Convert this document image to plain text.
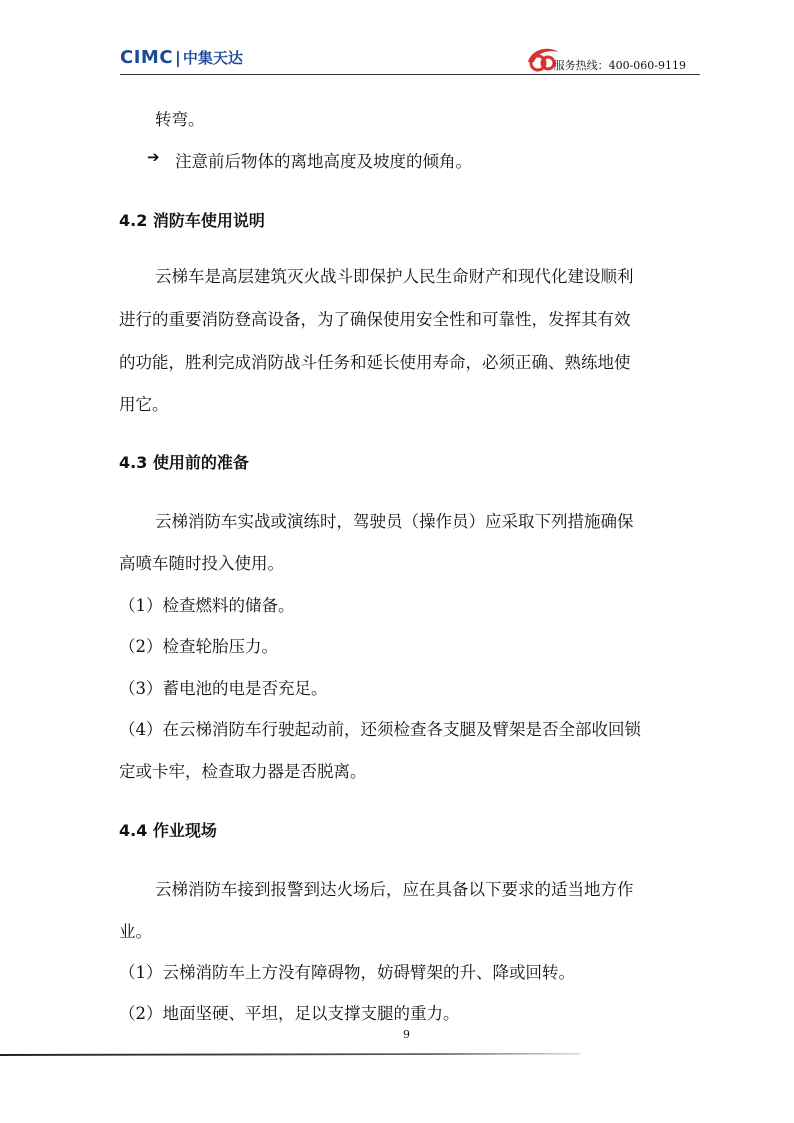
CIMC | 中集天达	服务热线：400-060-9119
转弯。
➔ 注意前后物体的离地高度及坡度的倾角。
4.2 消防车使用说明
云梯车是高层建筑灭火战斗即保护人民生命财产和现代化建设顺利
进行的重要消防登高设备，为了确保使用安全性和可靠性，发挥其有效
的功能，胜利完成消防战斗任务和延长使用寿命，必须正确、熟练地使
用它。
4.3 使用前的准备
云梯消防车实战或演练时，驾驶员（操作员）应采取下列措施确保
高喷车随时投入使用。
（1）检查燃料的储备。
（2）检查轮胎压力。
（3）蓄电池的电是否充足。
（4）在云梯消防车行驶起动前，还须检查各支腿及臂架是否全部收回锁
定或卡牢，检查取力器是否脱离。
4.4 作业现场
云梯消防车接到报警到达火场后，应在具备以下要求的适当地方作
业。
（1）云梯消防车上方没有障碍物，妨碍臂架的升、降或回转。
（2）地面坚硬、平坦，足以支撑支腿的重力。
9
